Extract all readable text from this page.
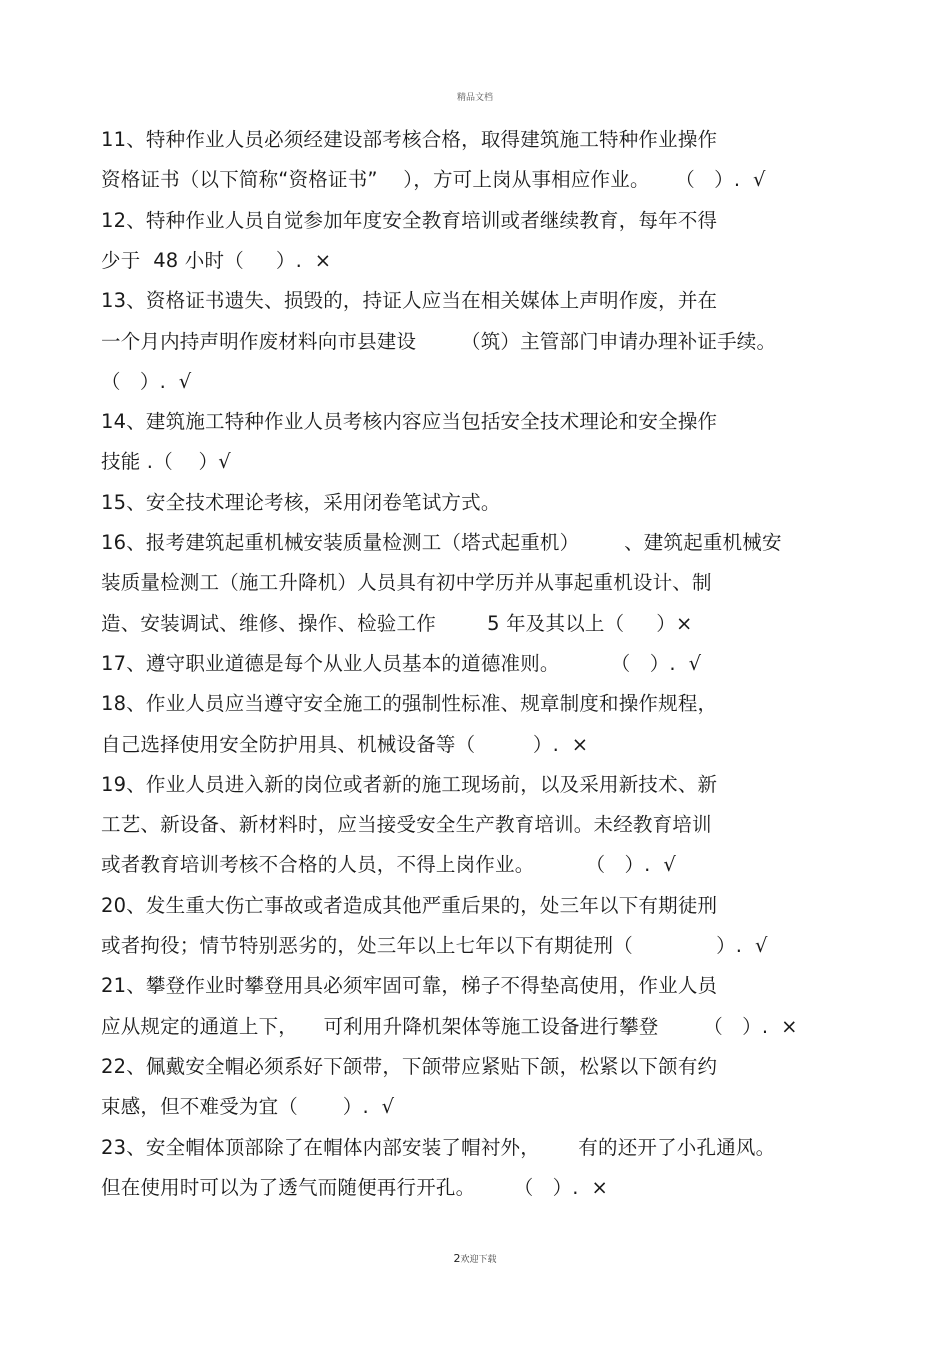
精品文档
11、特种作业人员必须经建设部考核合格，取得建筑施工特种作业操作
资格证书（以下简称“资格证书”    ），方可上岗从事相应作业。    （   ）.  √
12、特种作业人员自觉参加年度安全教育培训或者继续教育，每年不得
少于  48 小时（     ）.  ×
13、资格证书遗失、损毁的，持证人应当在相关媒体上声明作废，并在
一个月内持声明作废材料向市县建设       （筑）主管部门申请办理补证手续。
（   ）.  √
14、建筑施工特种作业人员考核内容应当包括安全技术理论和安全操作
技能 .（    ）√
15、安全技术理论考核，采用闭卷笔试方式。
16、报考建筑起重机械安装质量检测工（塔式起重机）       、建筑起重机械安
装质量检测工（施工升降机）人员具有初中学历并从事起重机设计、制
造、安装调试、维修、操作、检验工作        5 年及其以上（     ）×
17、遵守职业道德是每个从业人员基本的道德准则。        （   ）.  √
18、作业人员应当遵守安全施工的强制性标准、规章制度和操作规程，
自己选择使用安全防护用具、机械设备等（         ）.  ×
19、作业人员进入新的岗位或者新的施工现场前，以及采用新技术、新
工艺、新设备、新材料时，应当接受安全生产教育培训。未经教育培训
或者教育培训考核不合格的人员，不得上岗作业。        （   ）.  √
20、发生重大伤亡事故或者造成其他严重后果的，处三年以下有期徒刑
或者拘役；情节特别恶劣的，处三年以上七年以下有期徒刑（             ）.  √
21、攀登作业时攀登用具必须牢固可靠，梯子不得垫高使用，作业人员
应从规定的通道上下，    可利用升降机架体等施工设备进行攀登       （   ）.  ×
22、佩戴安全帽必须系好下颌带，下颌带应紧贴下颌，松紧以下颌有约
束感，但不难受为宜（       ）.  √
23、安全帽体顶部除了在帽体内部安装了帽衬外，      有的还开了小孔通风。
但在使用时可以为了透气而随便再行开孔。      （   ）.  ×
2欢迎下载
